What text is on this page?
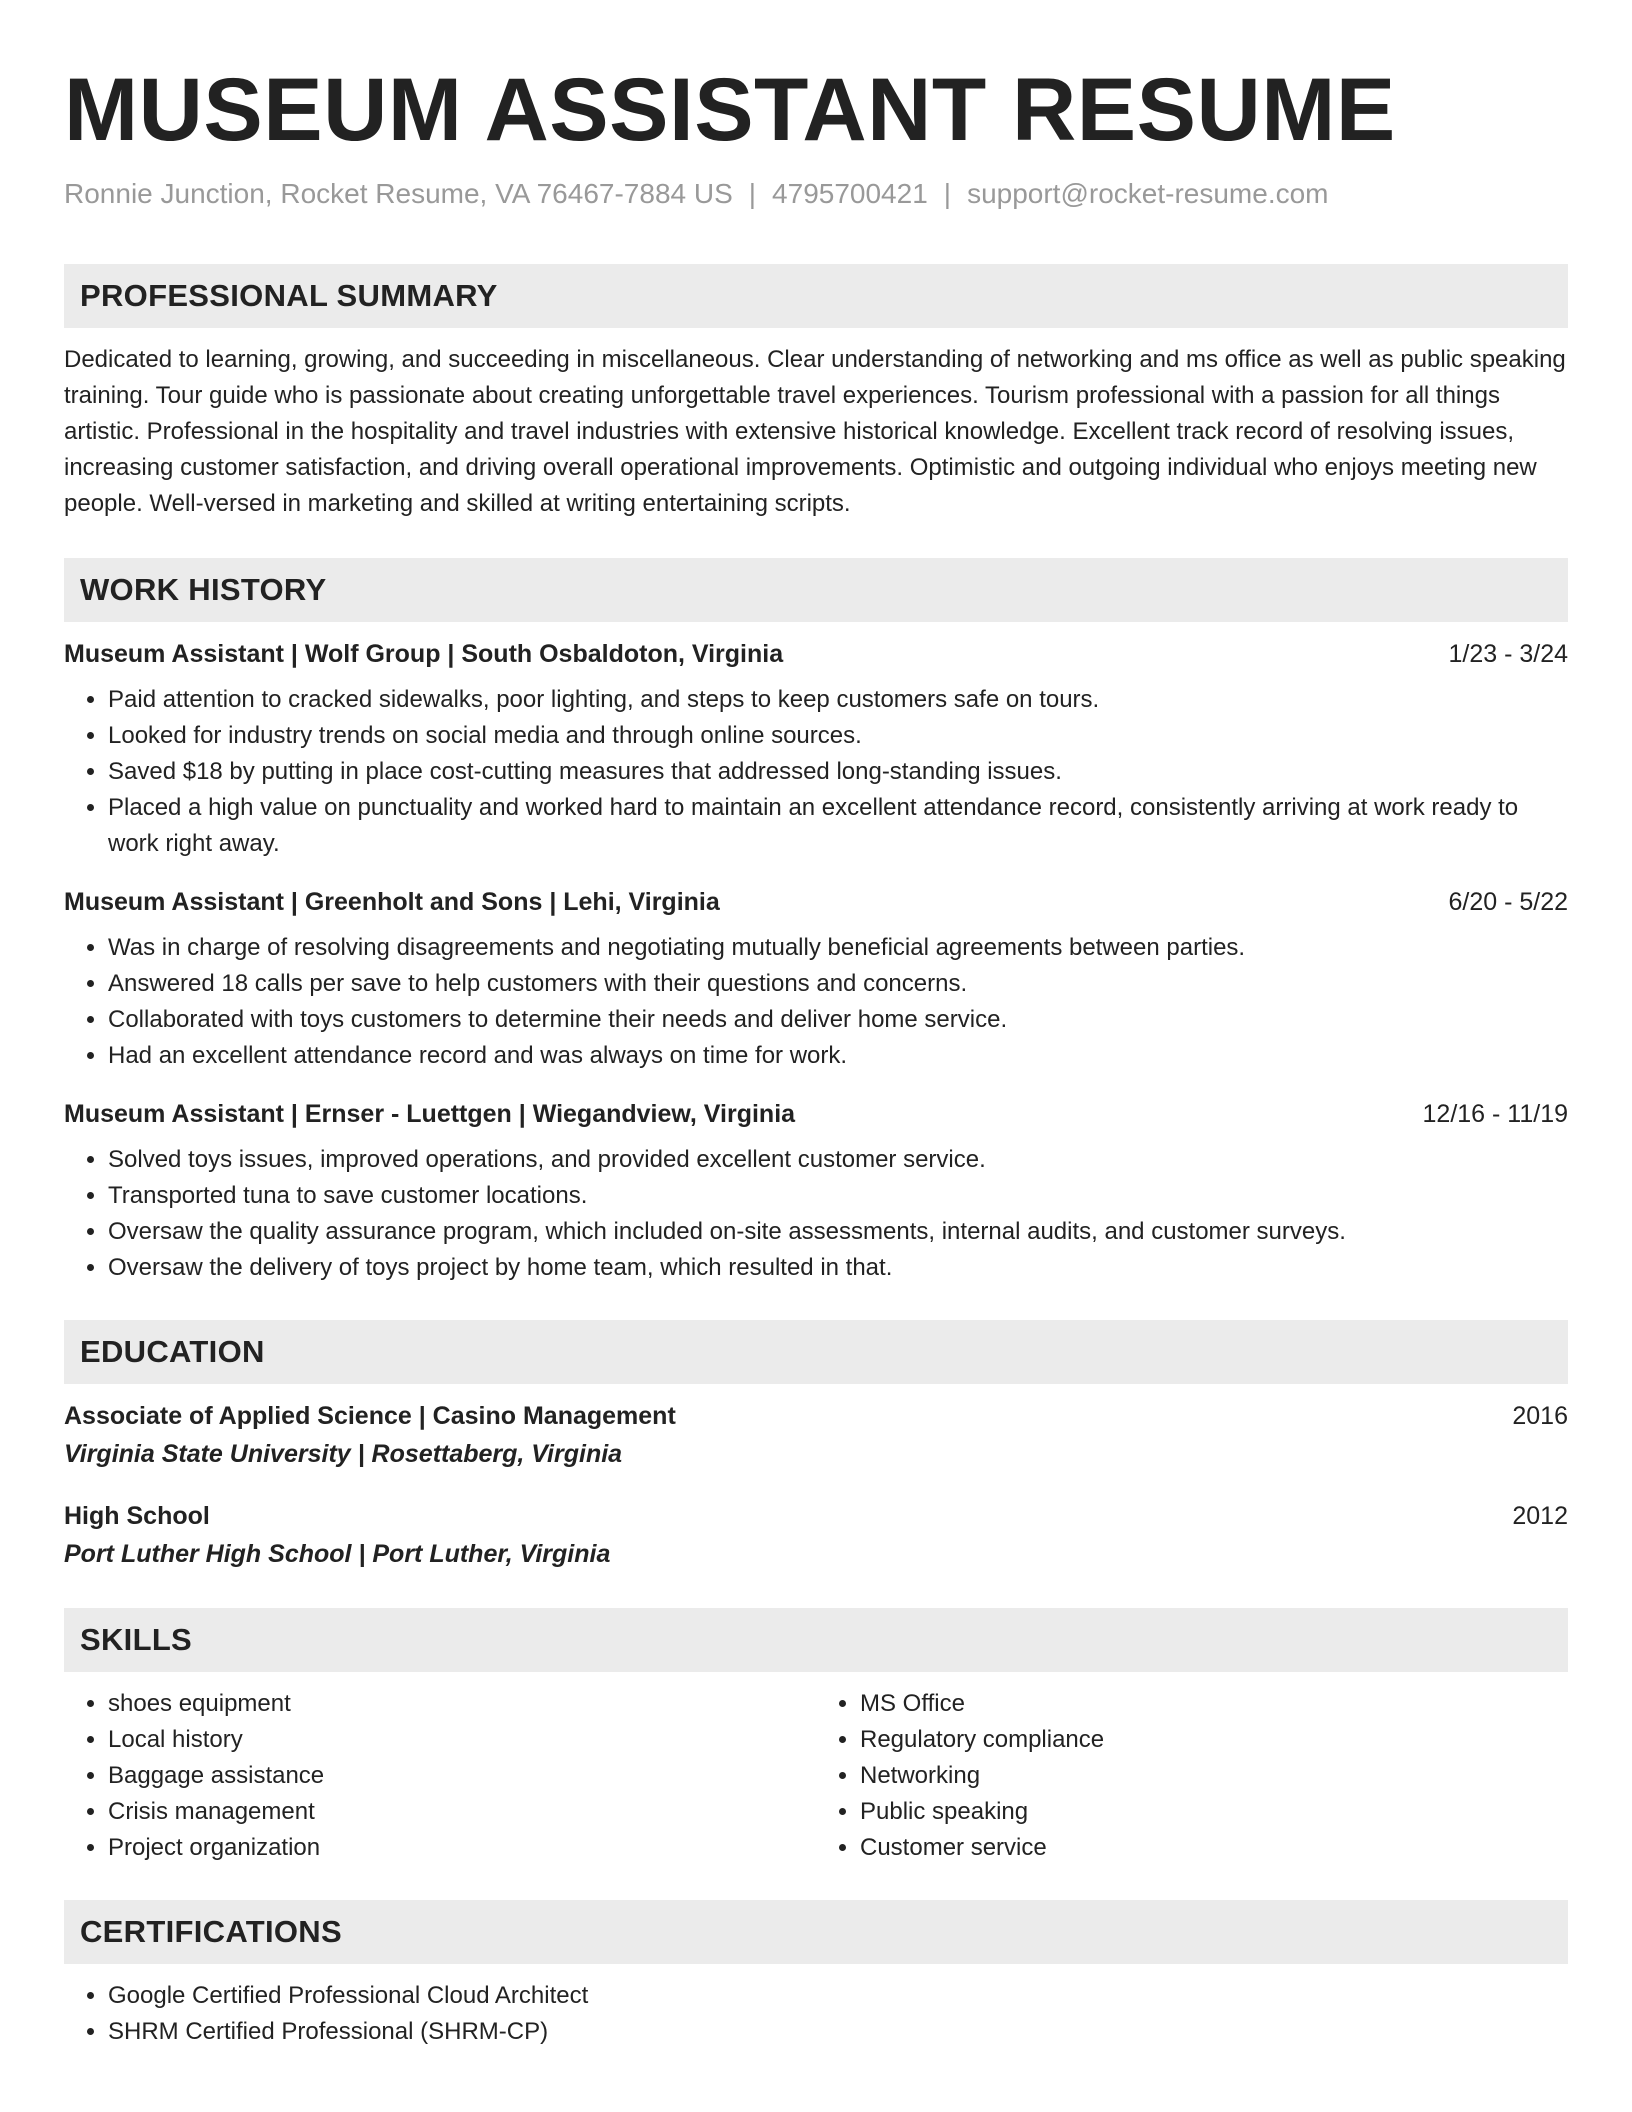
MUSEUM ASSISTANT RESUME
Ronnie Junction, Rocket Resume, VA 76467-7884 US | 4795700421 | support@rocket-resume.com
PROFESSIONAL SUMMARY

Dedicated to learning, growing, and succeeding in miscellaneous. Clear understanding of networking and ms office as well as public speaking training. Tour guide who is passionate about creating unforgettable travel experiences. Tourism professional with a passion for all things artistic. Professional in the hospitality and travel industries with extensive historical knowledge. Excellent track record of resolving issues, increasing customer satisfaction, and driving overall operational improvements. Optimistic and outgoing individual who enjoys meeting new people. Well-versed in marketing and skilled at writing entertaining scripts.

WORK HISTORY
Museum Assistant | Wolf Group | South Osbaldoton, Virginia	1/23 - 3/24
• Paid attention to cracked sidewalks, poor lighting, and steps to keep customers safe on tours.
• Looked for industry trends on social media and through online sources.
• Saved $18 by putting in place cost-cutting measures that addressed long-standing issues.
• Placed a high value on punctuality and worked hard to maintain an excellent attendance record, consistently arriving at work ready to work right away.
Museum Assistant | Greenholt and Sons | Lehi, Virginia	6/20 - 5/22
• Was in charge of resolving disagreements and negotiating mutually beneficial agreements between parties.
• Answered 18 calls per save to help customers with their questions and concerns.
• Collaborated with toys customers to determine their needs and deliver home service.
• Had an excellent attendance record and was always on time for work.
Museum Assistant | Ernser - Luettgen | Wiegandview, Virginia	12/16 - 11/19
• Solved toys issues, improved operations, and provided excellent customer service.
• Transported tuna to save customer locations.
• Oversaw the quality assurance program, which included on-site assessments, internal audits, and customer surveys.
• Oversaw the delivery of toys project by home team, which resulted in that.
EDUCATION
Associate of Applied Science | Casino Management	2016
Virginia State University | Rosettaberg, Virginia
High School	2012
Port Luther High School | Port Luther, Virginia
SKILLS
• shoes equipment
• Local history
• Baggage assistance
• Crisis management
• Project organization
• MS Office
• Regulatory compliance
• Networking
• Public speaking
• Customer service
CERTIFICATIONS
• Google Certified Professional Cloud Architect
• SHRM Certified Professional (SHRM-CP)
